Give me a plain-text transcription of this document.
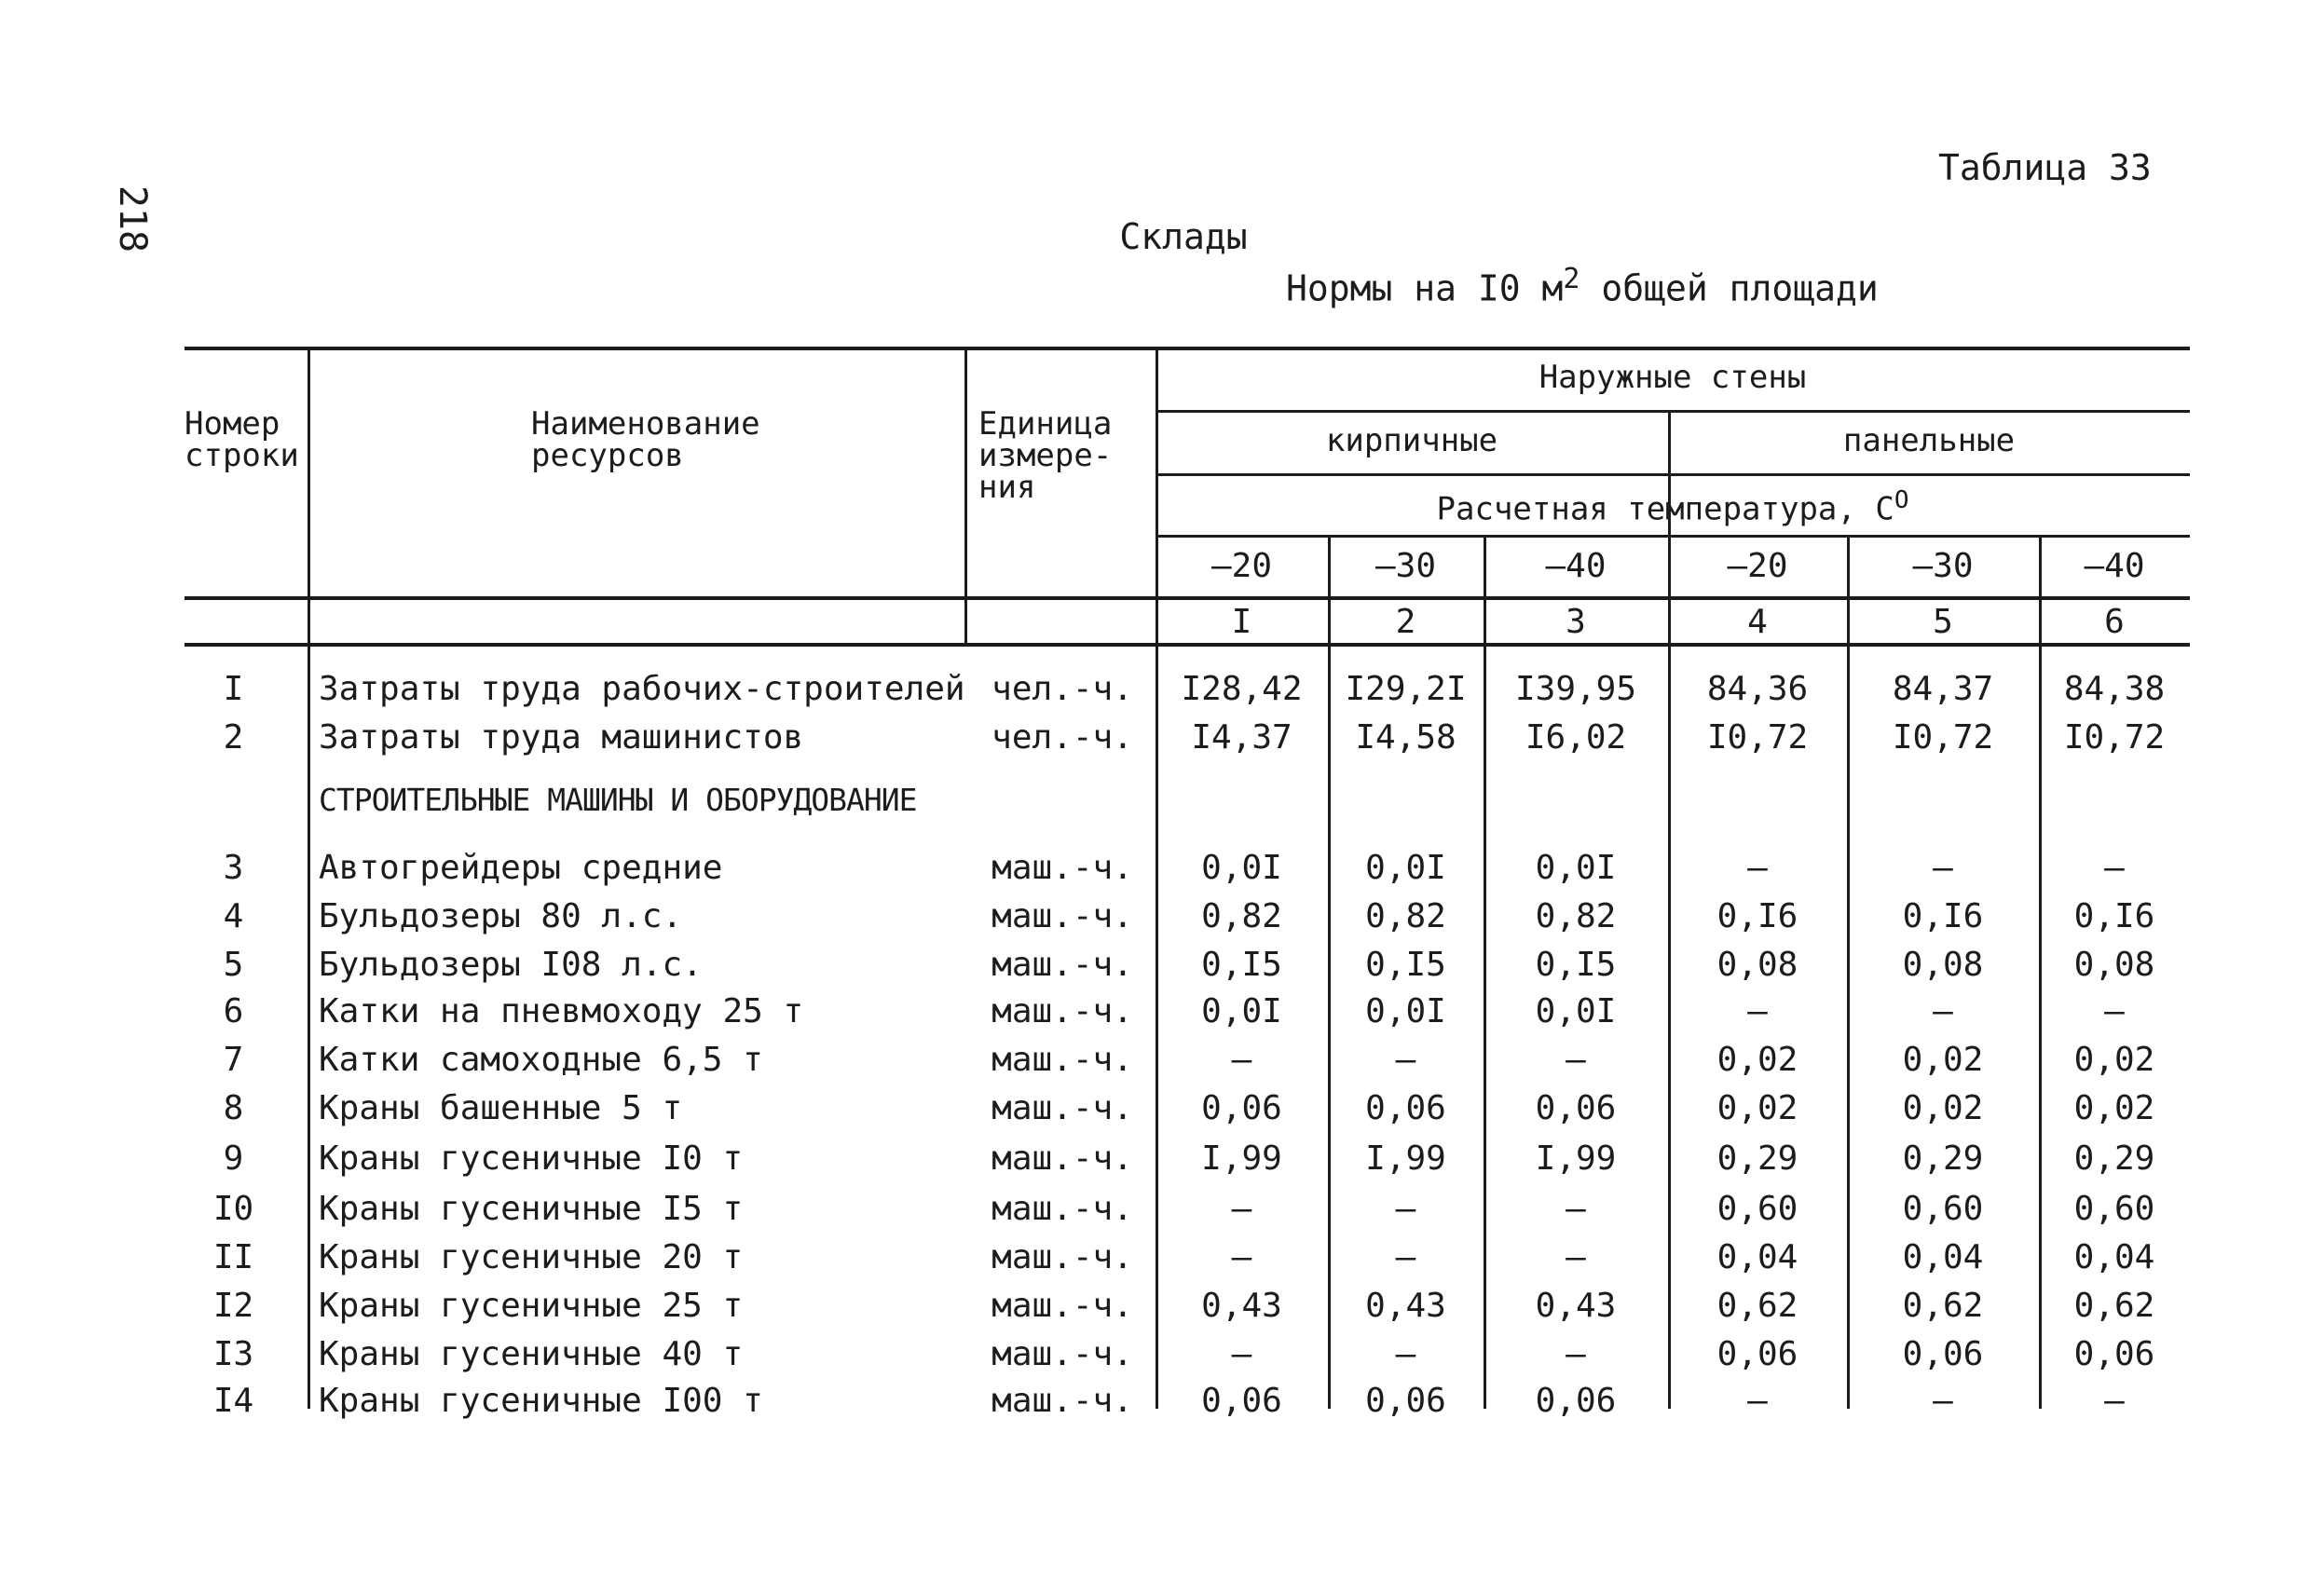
218
Таблица 33
Склады
Нормы на I0 $м^2$ общей площади
Номер
строки
Наименование
ресурсов
Единица
измере-
ния
Наружные стены
кирпичные	панельные
Расчетная температура, $С^O$
–20	–30	–40	–20	–30	–40
I	2	3	4	5	6
I	Затраты труда рабочих-строителей чел.-ч.	I28,42	I29,2I	I39,95	84,36	84,37	84,38
2	Затраты труда машинистов	чел.-ч.	I4,37	I4,58	I6,02	I0,72	I0,72	I0,72
СТРОИТЕЛЬНЫЕ МАШИНЫ И ОБОРУДОВАНИЕ
3	Автогрейдеры средние	маш.-ч.	0,0I	0,0I	0,0I	–	–	–
4	Бульдозеры 80 л.с.	маш.-ч.	0,82	0,82	0,82	0,I6	0,I6	0,I6
5	Бульдозеры I08 л.с.	маш.-ч.	0,I5	0,I5	0,I5	0,08	0,08	0,08
6	Катки на пневмоходу 25 т	маш.-ч.	0,0I	0,0I	0,0I	–	–	–
7	Катки самоходные 6,5 т	маш.-ч.	–	–	–	0,02	0,02	0,02
8	Краны башенные 5 т	маш.-ч.	0,06	0,06	0,06	0,02	0,02	0,02
9	Краны гусеничные I0 т	маш.-ч.	I,99	I,99	I,99	0,29	0,29	0,29
I0	Краны гусеничные I5 т	маш.-ч.	–	–	–	0,60	0,60	0,60
II	Краны гусеничные 20 т	маш.-ч.	–	–	–	0,04	0,04	0,04
I2	Краны гусеничные 25 т	маш.-ч.	0,43	0,43	0,43	0,62	0,62	0,62
I3	Краны гусеничные 40 т	маш.-ч.	–	–	–	0,06	0,06	0,06
I4	Краны гусеничные I00 т	маш.-ч.	0,06	0,06	0,06	–	–	–
